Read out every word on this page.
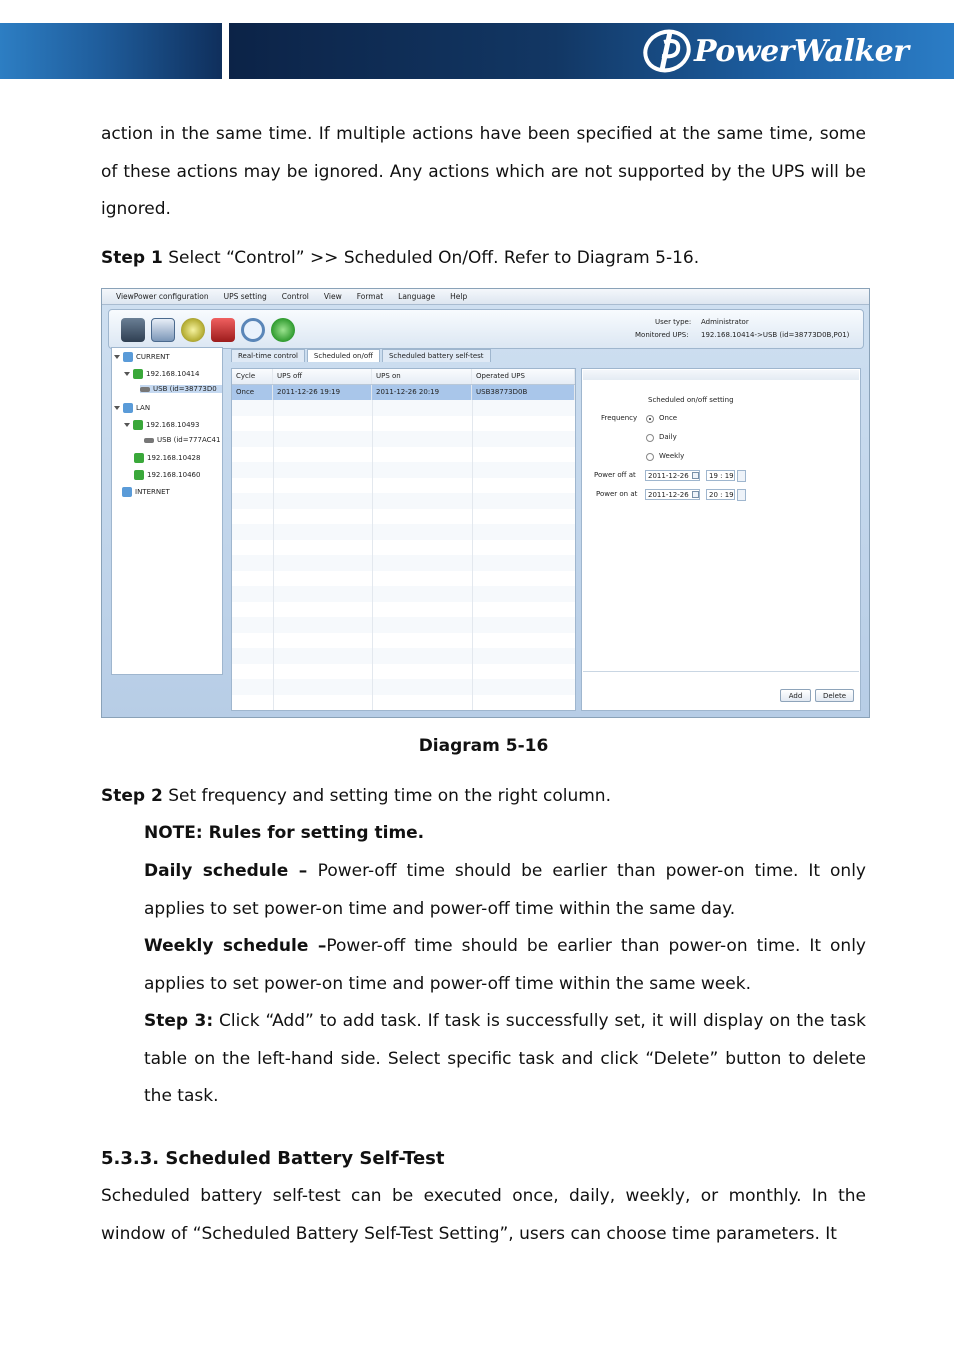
PowerWalker
action in the same time. If multiple actions have been specified at the same time, some of these actions may be ignored. Any actions which are not supported by the UPS will be ignored.
Step 1 Select “Control” >> Scheduled On/Off. Refer to Diagram 5-16.
ViewPower configuration UPS setting Control View Format Language Help
User type: Administrator
Monitored UPS: 192.168.10414->USB (id=38773D0B,P01)
CURRENT
192.168.10414
USB (id=38773D0
LAN
192.168.10493
USB (id=777AC41
192.168.10428
192.168.10460
INTERNET
Real-time control	Scheduled on/off	Scheduled battery self-test
Cycle	UPS off	UPS on	Operated UPS
Once	2011-12-26 19:19	2011-12-26 20:19	USB38773D0B
Scheduled on/off setting
Frequency	Once
Daily
Weekly
Power off at	2011-12-26	19 : 19
Power on at	2011-12-26	20 : 19
Add	Delete
Diagram 5-16
Step 2 Set frequency and setting time on the right column.
NOTE: Rules for setting time.
Daily schedule – Power-off time should be earlier than power-on time. It only applies to set power-on time and power-off time within the same day.
Weekly schedule –Power-off time should be earlier than power-on time. It only applies to set power-on time and power-off time within the same week.
Step 3: Click “Add” to add task. If task is successfully set, it will display on the task table on the left-hand side. Select specific task and click “Delete” button to delete the task.
5.3.3. Scheduled Battery Self-Test
Scheduled battery self-test can be executed once, daily, weekly, or monthly. In the window of “Scheduled Battery Self-Test Setting”, users can choose time parameters. It
